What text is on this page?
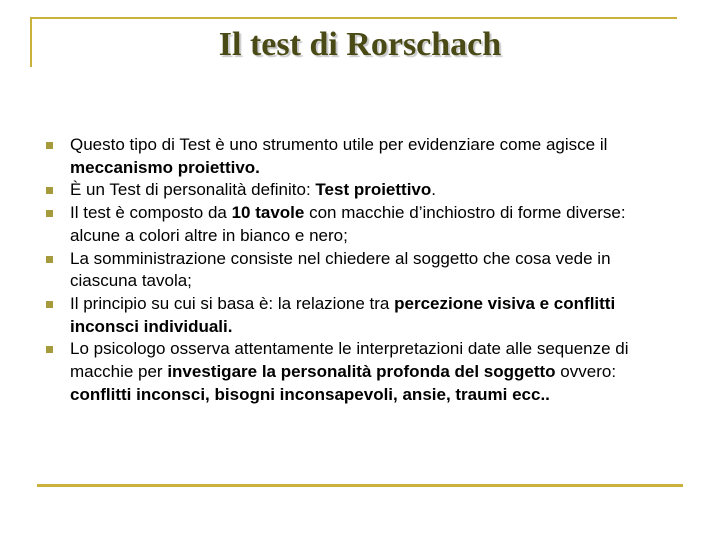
Il test di Rorschach
Questo tipo di Test è uno strumento utile per evidenziare come agisce il meccanismo proiettivo.
È un Test di personalità definito: Test proiettivo.
Il test è composto da 10 tavole con macchie d’inchiostro di forme diverse: alcune a colori altre in bianco e nero;
La somministrazione consiste nel chiedere al soggetto che cosa vede in ciascuna tavola;
Il principio su cui si basa è: la relazione tra percezione visiva e conflitti inconsci individuali.
Lo psicologo osserva attentamente le interpretazioni date alle sequenze di macchie per investigare la personalità profonda del soggetto ovvero: conflitti inconsci, bisogni inconsapevoli, ansie, traumi ecc..
